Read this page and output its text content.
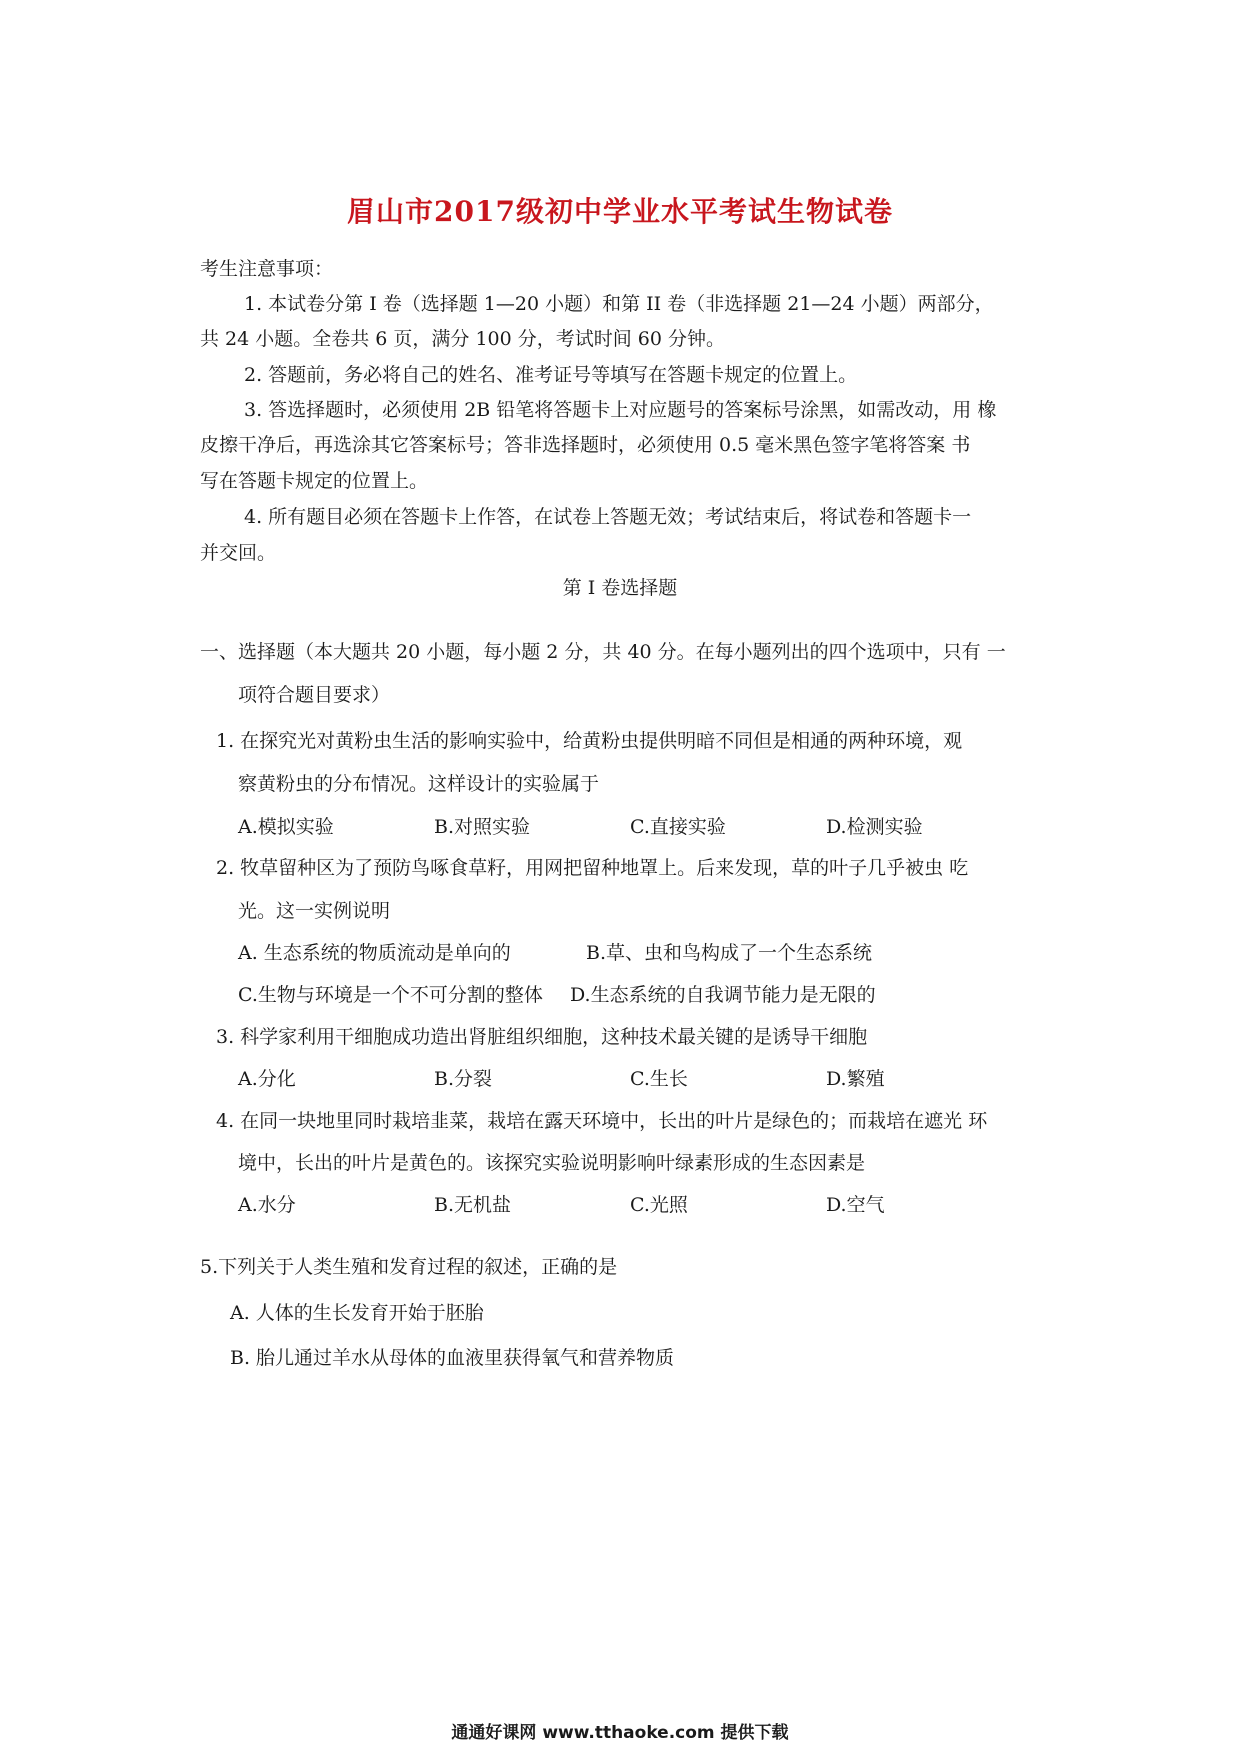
眉山市2017级初中学业水平考试生物试卷
考生注意事项：
1. 本试卷分第 I 卷（选择题 1—20 小题）和第 II 卷（非选择题 21—24 小题）两部分，
共 24 小题。全卷共 6 页，满分 100 分，考试时间 60 分钟。
2. 答题前，务必将自己的姓名、准考证号等填写在答题卡规定的位置上。
3. 答选择题时，必须使用 2B 铅笔将答题卡上对应题号的答案标号涂黑，如需改动，用 橡
皮擦干净后，再选涂其它答案标号；答非选择题时，必须使用 0.5 毫米黑色签字笔将答案 书
写在答题卡规定的位置上。
4. 所有题目必须在答题卡上作答，在试卷上答题无效；考试结束后，将试卷和答题卡一
并交回。
第 I 卷选择题
一、选择题（本大题共 20 小题，每小题 2 分，共 40 分。在每小题列出的四个选项中，只有 一
项符合题目要求）
1. 在探究光对黄粉虫生活的影响实验中，给黄粉虫提供明暗不同但是相通的两种环境，观
察黄粉虫的分布情况。这样设计的实验属于
A.模拟实验	B.对照实验	C.直接实验	D.检测实验
2. 牧草留种区为了预防鸟啄食草籽，用网把留种地罩上。后来发现，草的叶子几乎被虫 吃
光。这一实例说明
A. 生态系统的物质流动是单向的	B.草、虫和鸟构成了一个生态系统
C.生物与环境是一个不可分割的整体 D.生态系统的自我调节能力是无限的
3. 科学家利用干细胞成功造出肾脏组织细胞，这种技术最关键的是诱导干细胞
A.分化	B.分裂	C.生长	D.繁殖
4. 在同一块地里同时栽培韭菜，栽培在露天环境中，长出的叶片是绿色的；而栽培在遮光 环
境中，长出的叶片是黄色的。该探究实验说明影响叶绿素形成的生态因素是
A.水分	B.无机盐	C.光照	D.空气
5.下列关于人类生殖和发育过程的叙述，正确的是
A. 人体的生长发育开始于胚胎
B. 胎儿通过羊水从母体的血液里获得氧气和营养物质
通通好课网 www.tthaoke.com 提供下载
